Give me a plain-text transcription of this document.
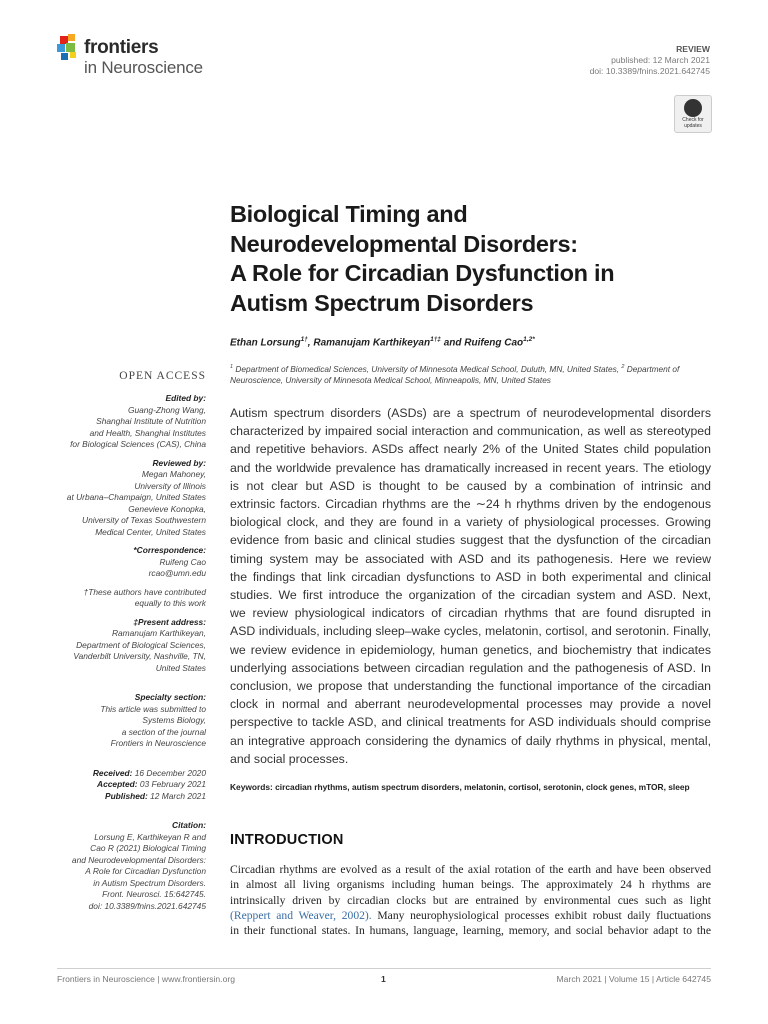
frontiers
in Neuroscience
REVIEW
published: 12 March 2021
doi: 10.3389/fnins.2021.642745
Check for updates
Biological Timing and
Neurodevelopmental Disorders:
A Role for Circadian Dysfunction in
Autism Spectrum Disorders
Ethan Lorsung$^{1\dagger}$, Ramanujam Karthikeyan$^{1\dagger\ddagger}$ and Ruifeng Cao$^{1,2*}$
$^1$ Department of Biomedical Sciences, University of Minnesota Medical School, Duluth, MN, United States, $^2$ Department of Neuroscience, University of Minnesota Medical School, Minneapolis, MN, United States
OPEN ACCESS
Edited by:
Guang-Zhong Wang,
Shanghai Institute of Nutrition
and Health, Shanghai Institutes
for Biological Sciences (CAS), China
Reviewed by:
Megan Mahoney,
University of Illinois
at Urbana–Champaign, United States
Genevieve Konopka,
University of Texas Southwestern
Medical Center, United States
*Correspondence:
Ruifeng Cao
rcao@umn.edu
†These authors have contributed
equally to this work
‡Present address:
Ramanujam Karthikeyan,
Department of Biological Sciences,
Vanderbilt University, Nashville, TN,
United States
Specialty section:
This article was submitted to
Systems Biology,
a section of the journal
Frontiers in Neuroscience
Received: 16 December 2020
Accepted: 03 February 2021
Published: 12 March 2021
Citation:
Lorsung E, Karthikeyan R and
Cao R (2021) Biological Timing
and Neurodevelopmental Disorders:
A Role for Circadian Dysfunction
in Autism Spectrum Disorders.
Front. Neurosci. 15:642745.
doi: 10.3389/fnins.2021.642745
Autism spectrum disorders (ASDs) are a spectrum of neurodevelopmental disorders
characterized by impaired social interaction and communication, as well as stereotyped
and repetitive behaviors. ASDs affect nearly 2% of the United States child population
and the worldwide prevalence has dramatically increased in recent years. The etiology
is not clear but ASD is thought to be caused by a combination of intrinsic and
extrinsic factors. Circadian rhythms are the ∼24 h rhythms driven by the endogenous
biological clock, and they are found in a variety of physiological processes. Growing
evidence from basic and clinical studies suggest that the dysfunction of the circadian
timing system may be associated with ASD and its pathogenesis. Here we review
the findings that link circadian dysfunctions to ASD in both experimental and clinical
studies. We first introduce the organization of the circadian system and ASD. Next,
we review physiological indicators of circadian rhythms that are found disrupted in
ASD individuals, including sleep–wake cycles, melatonin, cortisol, and serotonin. Finally,
we review evidence in epidemiology, human genetics, and biochemistry that indicates
underlying associations between circadian regulation and the pathogenesis of ASD. In
conclusion, we propose that understanding the functional importance of the circadian
clock in normal and aberrant neurodevelopmental processes may provide a novel
perspective to tackle ASD, and clinical treatments for ASD individuals should comprise
an integrative approach considering the dynamics of daily rhythms in physical, mental,
and social processes.
Keywords: circadian rhythms, autism spectrum disorders, melatonin, cortisol, serotonin, clock genes, mTOR, sleep
INTRODUCTION
Circadian rhythms are evolved as a result of the axial rotation of the earth and have been observed
in almost all living organisms including human beings. The approximately 24 h rhythms are
intrinsically driven by circadian clocks but are entrained by environmental cues such as light
(Reppert and Weaver, 2002). Many neurophysiological processes exhibit robust daily fluctuations
in their functional states. In humans, language, learning, memory, and social behavior adapt to the
Frontiers in Neuroscience | www.frontiersin.org	1	March 2021 | Volume 15 | Article 642745
